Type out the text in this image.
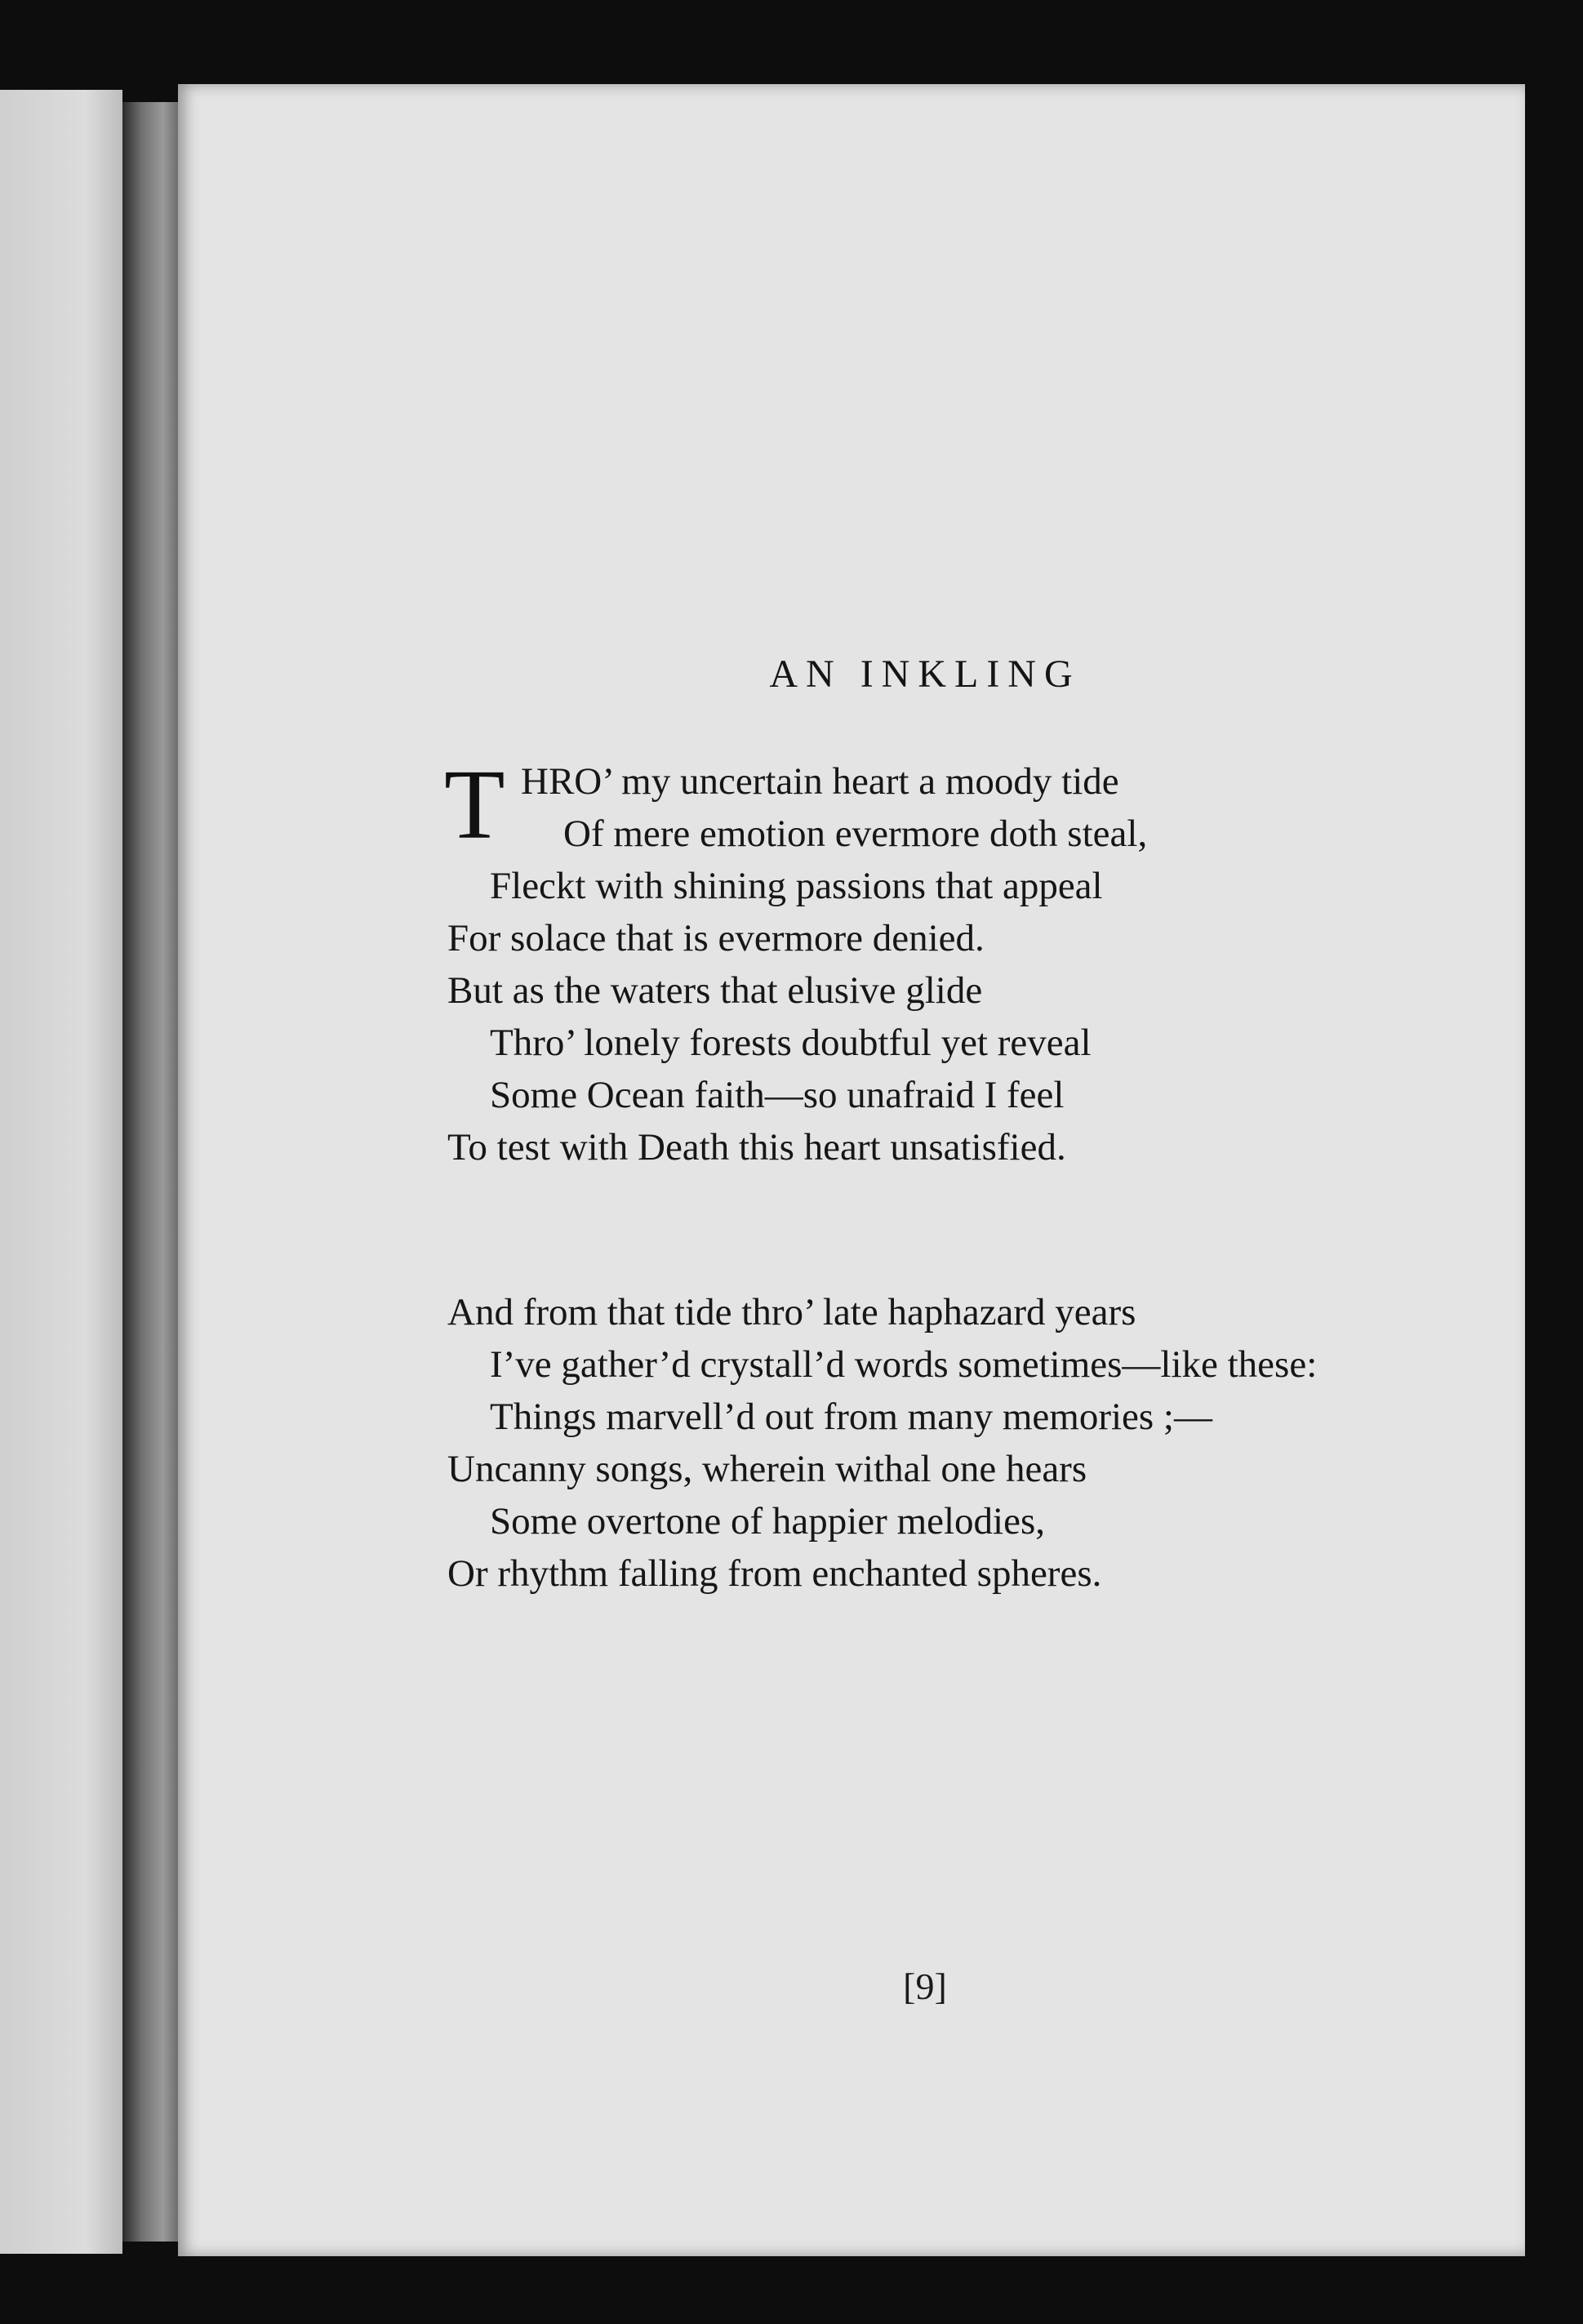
AN INKLING
T HRO’ my uncertain heart a moody tide
Of mere emotion evermore doth steal,
Fleckt with shining passions that appeal
For solace that is evermore denied.
But as the waters that elusive glide
Thro’ lonely forests doubtful yet reveal
Some Ocean faith—so unafraid I feel
To test with Death this heart unsatisfied.
And from that tide thro’ late haphazard years
I’ve gather’d crystall’d words sometimes—like these:
Things marvell’d out from many memories ;—
Uncanny songs, wherein withal one hears
Some overtone of happier melodies,
Or rhythm falling from enchanted spheres.
[9]
